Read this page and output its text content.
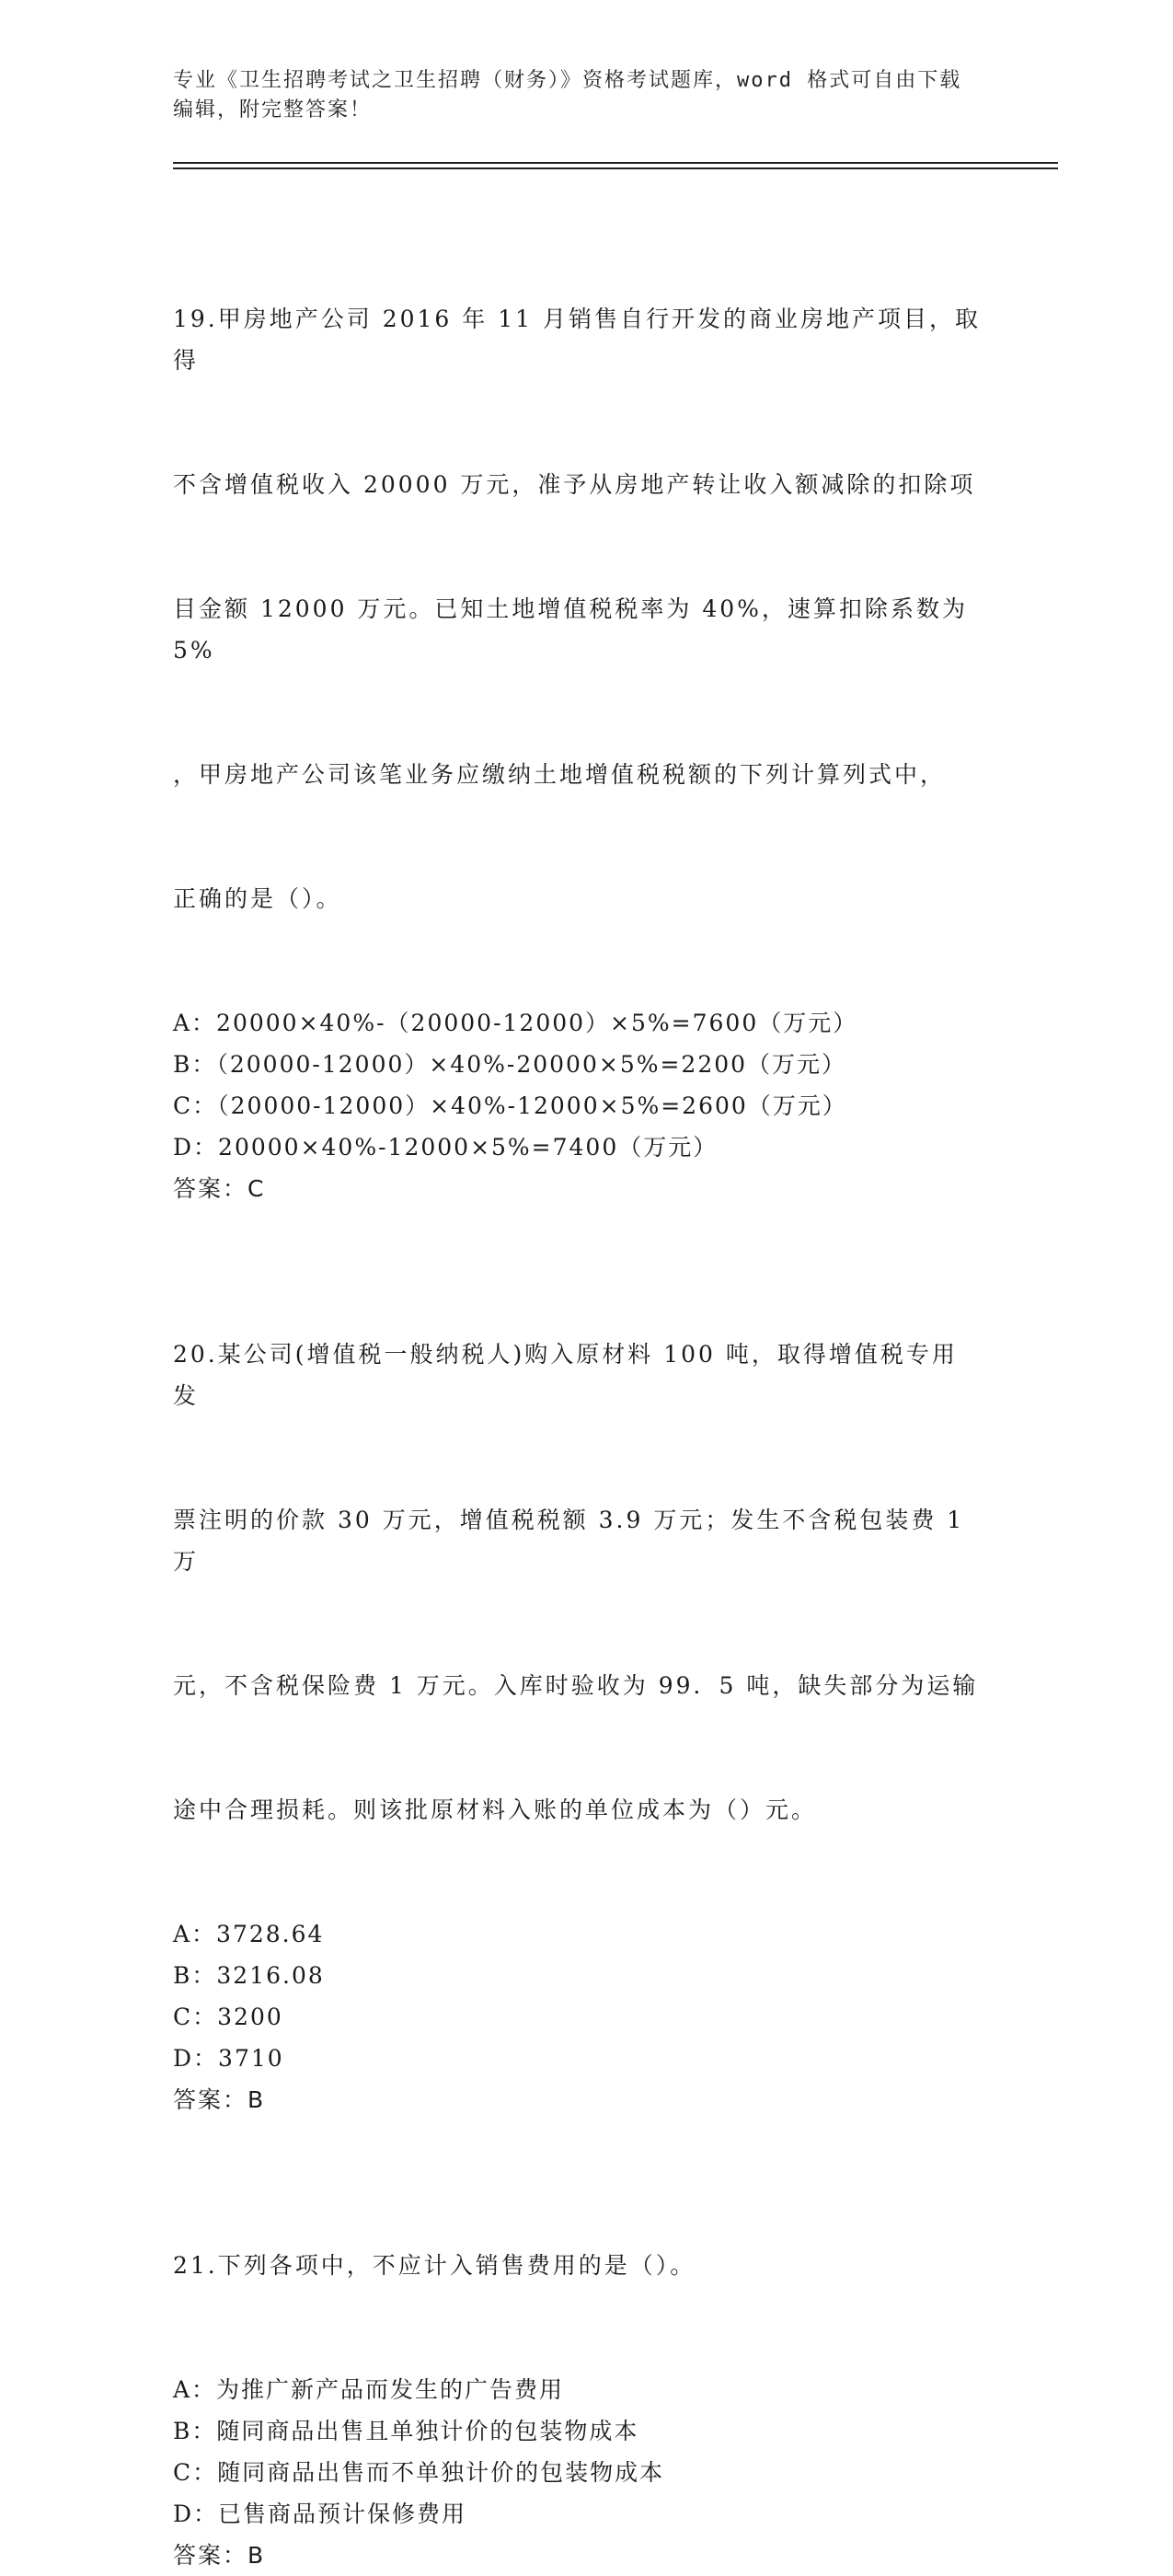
专业《卫生招聘考试之卫生招聘（财务）》资格考试题库，word 格式可自由下载
编辑，附完整答案！

19.甲房地产公司 2016 年 11 月销售自行开发的商业房地产项目，取得

不含增值税收入 20000 万元，准予从房地产转让收入额减除的扣除项

目金额 12000 万元。已知土地增值税税率为 40%，速算扣除系数为 5%

，甲房地产公司该笔业务应缴纳土地增值税税额的下列计算列式中，

正确的是（）。

A：20000×40%-（20000-12000）×5%=7600（万元）
B：（20000-12000）×40%-20000×5%=2200（万元）
C：（20000-12000）×40%-12000×5%=2600（万元）
D：20000×40%-12000×5%=7400（万元）
答案：C

20.某公司(增值税一般纳税人)购入原材料 100 吨，取得增值税专用发

票注明的价款 30 万元，增值税税额 3.9 万元；发生不含税包装费 1 万

元，不含税保险费 1 万元。入库时验收为 99．5 吨，缺失部分为运输

途中合理损耗。则该批原材料入账的单位成本为（）元。

A：3728.64
B：3216.08
C：3200
D：3710
答案：B

21.下列各项中，不应计入销售费用的是（）。

A：为推广新产品而发生的广告费用
B：随同商品出售且单独计价的包装物成本
C：随同商品出售而不单独计价的包装物成本
D：已售商品预计保修费用
答案：B
